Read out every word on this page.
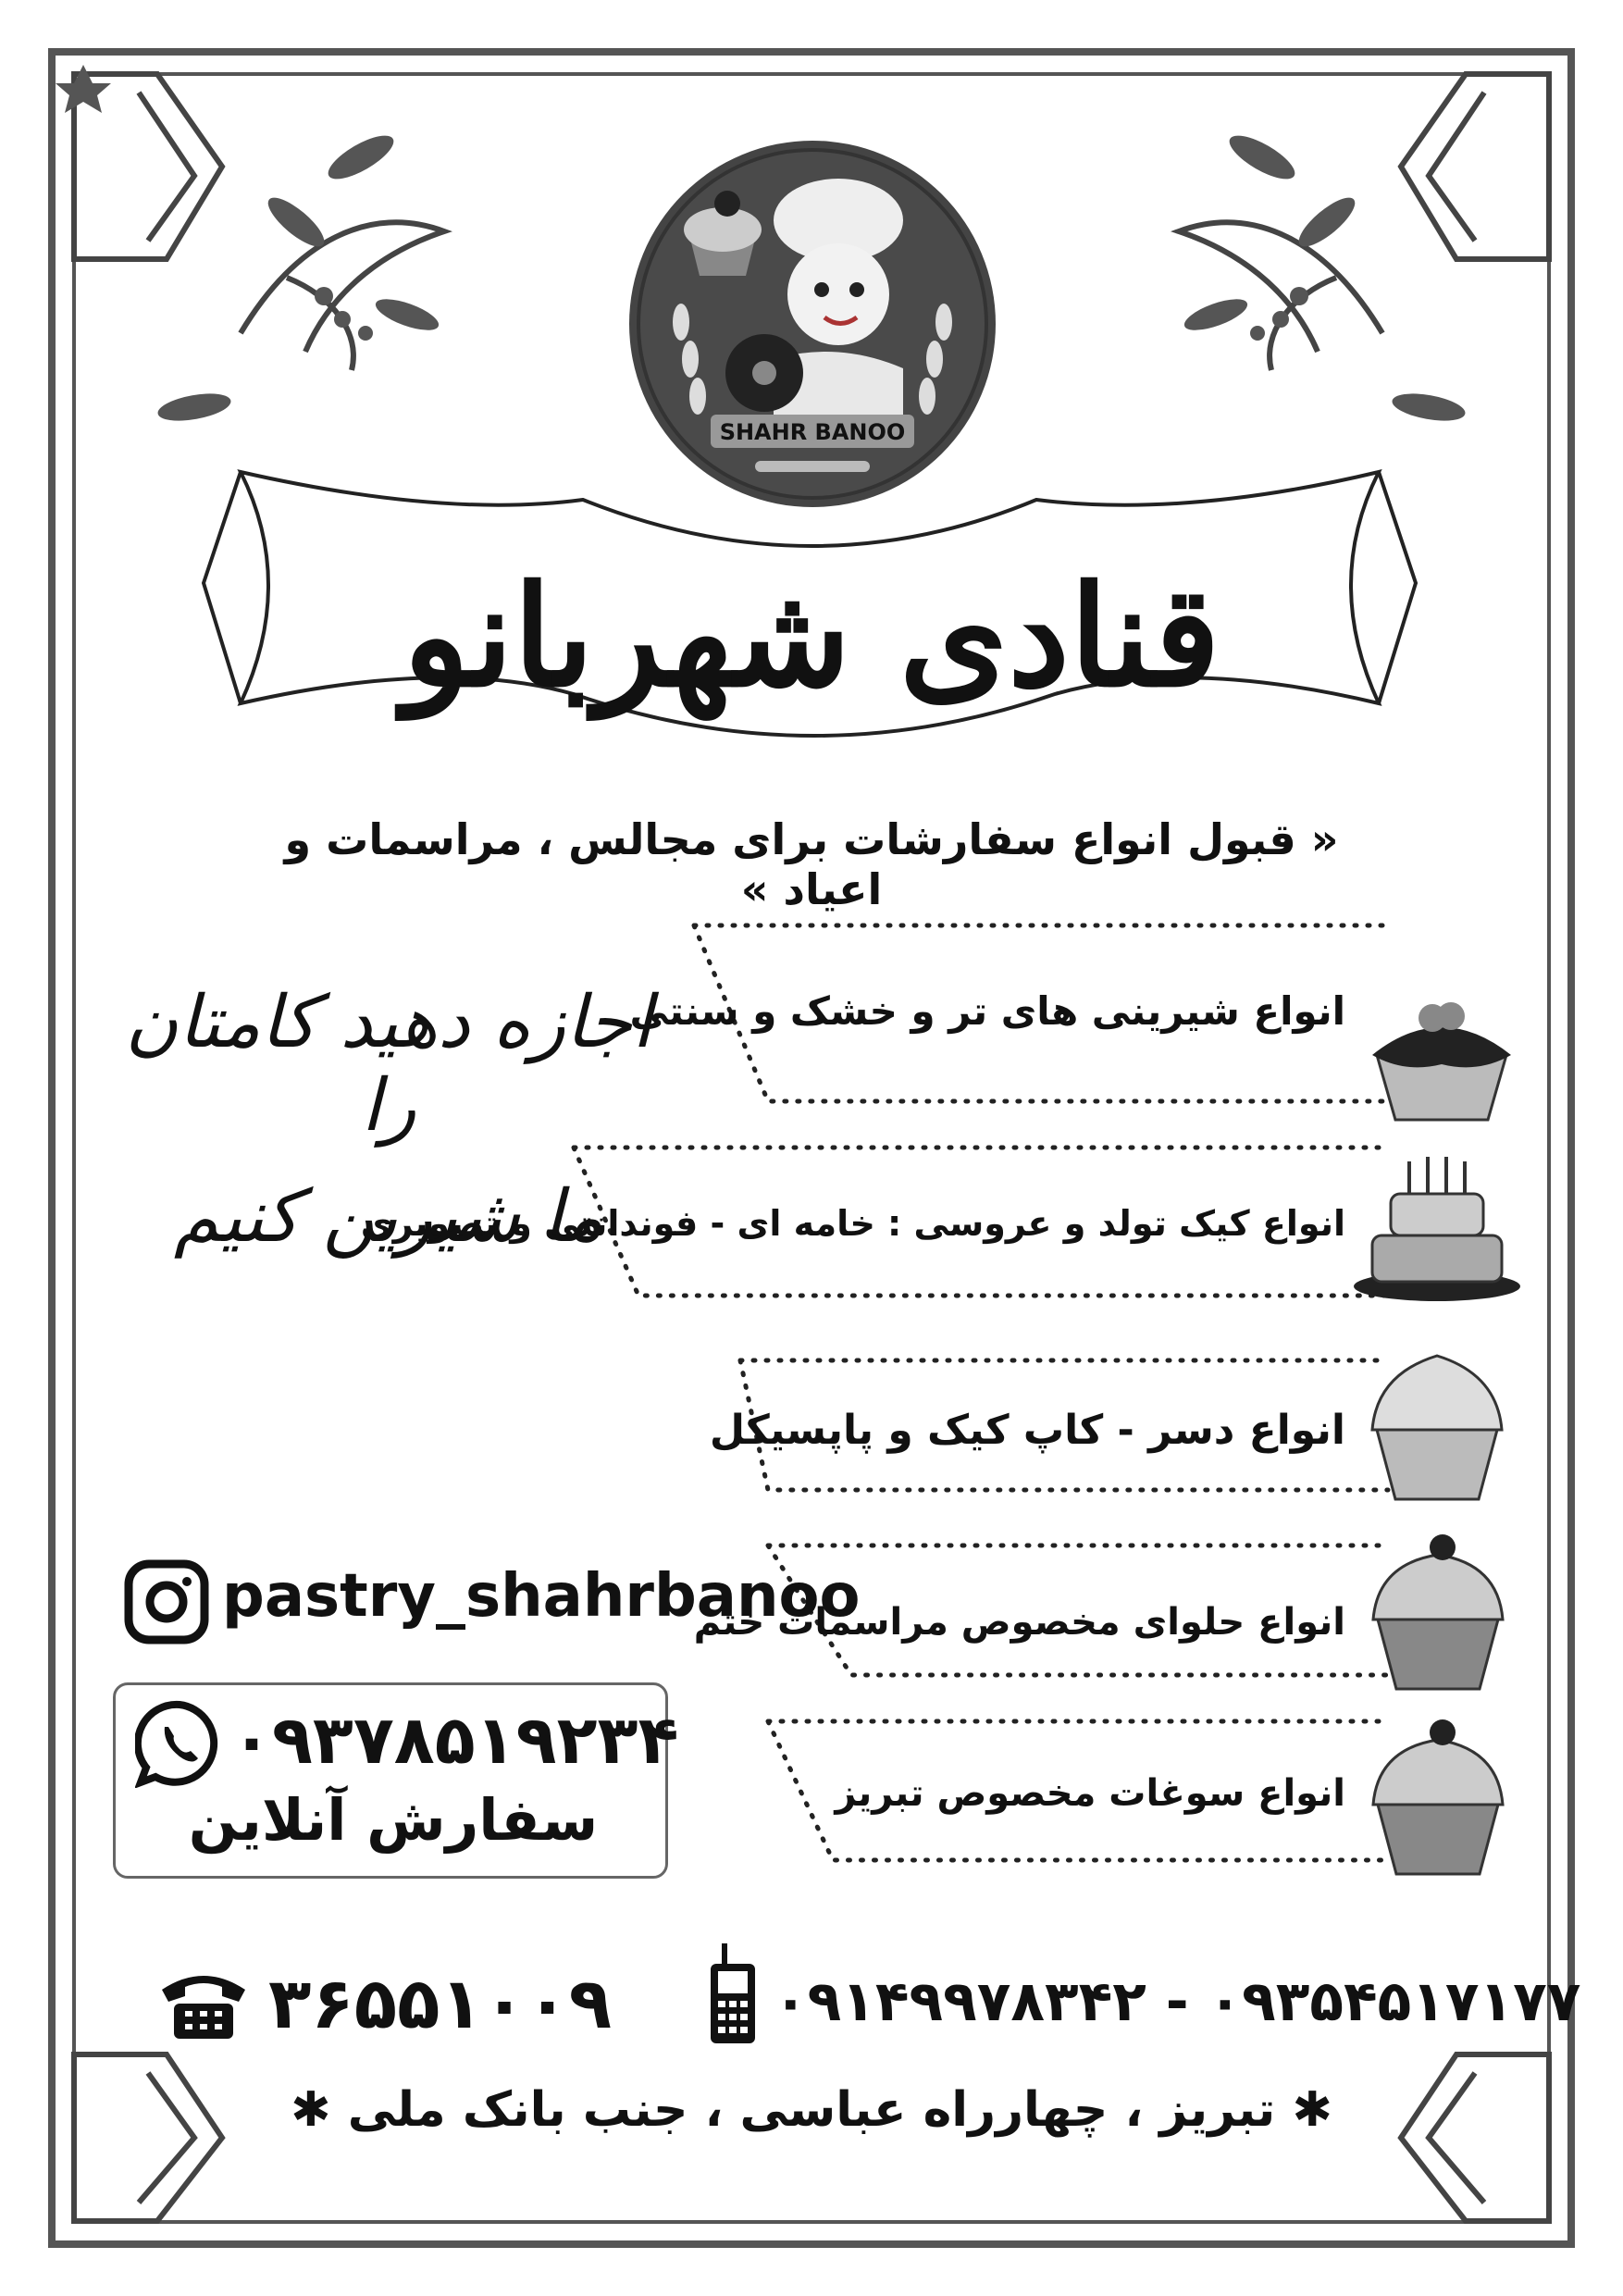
SHAHR BANOO
قنادی شهربانو
« قبول انواع سفارشات برای مجالس ، مراسمات و اعیاد »
اجازه دهید کامتان را
ما شیرین کنیم
انواع شیرینی های تر و خشک و سنتی
انواع کیک تولد و عروسی : خامه ای - فوندانتی و تصویری
انواع دسر - کاپ کیک و پاپسیکل
انواع حلوای مخصوص مراسمات ختم
انواع سوغات مخصوص تبریز
pastry_shahrbanoo
۰۹۳۷۸۵۱۹۲۳۴
سفارش آنلاین
۳۶۵۵۱۰۰۹	۰۹۱۴۹۹۷۸۳۴۲ - ۰۹۳۵۴۵۱۷۱۷۷
✱ تبریز ، چهارراه عباسی ، جنب بانک ملی ✱
